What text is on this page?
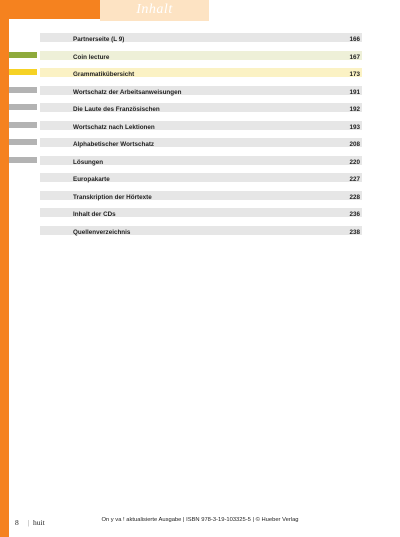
Inhalt
Partnerseite (L 9)	166
Coin lecture	167
Grammatikübersicht	173
Wortschatz der Arbeitsanweisungen	191
Die Laute des Französischen	192
Wortschatz nach Lektionen	193
Alphabetischer Wortschatz	208
Lösungen	220
Europakarte	227
Transkription der Hörtexte	228
Inhalt der CDs	236
Quellenverzeichnis	238
8 | huit	On y va ! aktualisierte Ausgabe | ISBN 978-3-19-103325-5 | © Hueber Verlag
